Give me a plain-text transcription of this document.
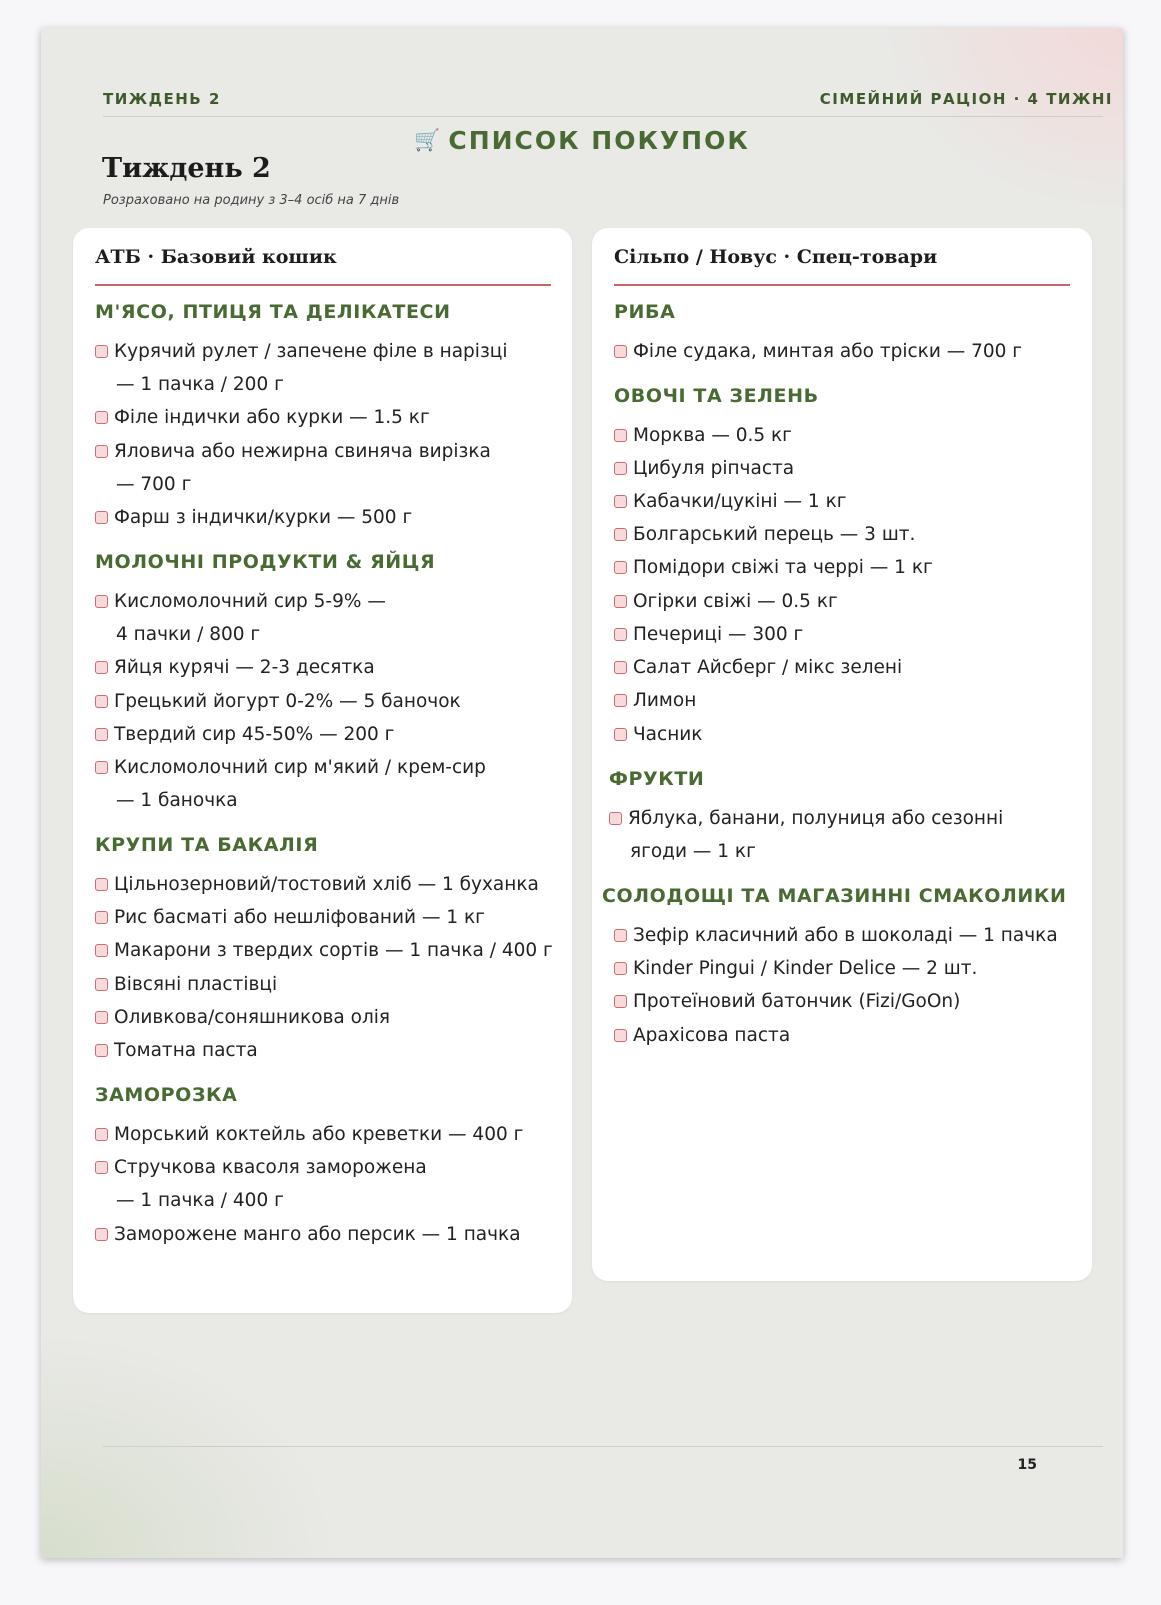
ТИЖДЕНЬ 2	СІМЕЙНИЙ РАЦІОН · 4 ТИЖНІ
🛒 СПИСОК ПОКУПОК
Тиждень 2
Розраховано на родину з 3–4 осіб на 7 днів
АТБ · Базовий кошик
М'ЯСО, ПТИЦЯ ТА ДЕЛІКАТЕСИ
Курячий рулет / запечене філе в нарізці
— 1 пачка / 200 г
Філе індички або курки — 1.5 кг
Яловича або нежирна свиняча вирізка
— 700 г
Фарш з індички/курки — 500 г
МОЛОЧНІ ПРОДУКТИ & ЯЙЦЯ
Кисломолочний сир 5-9% —
4 пачки / 800 г
Яйця курячі — 2-3 десятка
Грецький йогурт 0-2% — 5 баночок
Твердий сир 45-50% — 200 г
Кисломолочний сир м'який / крем-сир
— 1 баночка
КРУПИ ТА БАКАЛІЯ
Цільнозерновий/тостовий хліб — 1 буханка
Рис басматі або нешліфований — 1 кг
Макарони з твердих сортів — 1 пачка / 400 г
Вівсяні пластівці
Оливкова/соняшникова олія
Томатна паста
ЗАМОРОЗКА
Морський коктейль або креветки — 400 г
Стручкова квасоля заморожена
— 1 пачка / 400 г
Заморожене манго або персик — 1 пачка
Сільпо / Новус · Спец-товари
РИБА
Філе судака, минтая або тріски — 700 г
ОВОЧІ ТА ЗЕЛЕНЬ
Морква — 0.5 кг
Цибуля ріпчаста
Кабачки/цукіні — 1 кг
Болгарський перець — 3 шт.
Помідори свіжі та черрі — 1 кг
Огірки свіжі — 0.5 кг
Печериці — 300 г
Салат Айсберг / мікс зелені
Лимон
Часник
ФРУКТИ
Яблука, банани, полуниця або сезонні
ягоди — 1 кг
СОЛОДОЩІ ТА МАГАЗИННІ СМАКОЛИКИ
Зефір класичний або в шоколаді — 1 пачка
Kinder Pingui / Kinder Delice — 2 шт.
Протеїновий батончик (Fizi/GoOn)
Арахісова паста
15
